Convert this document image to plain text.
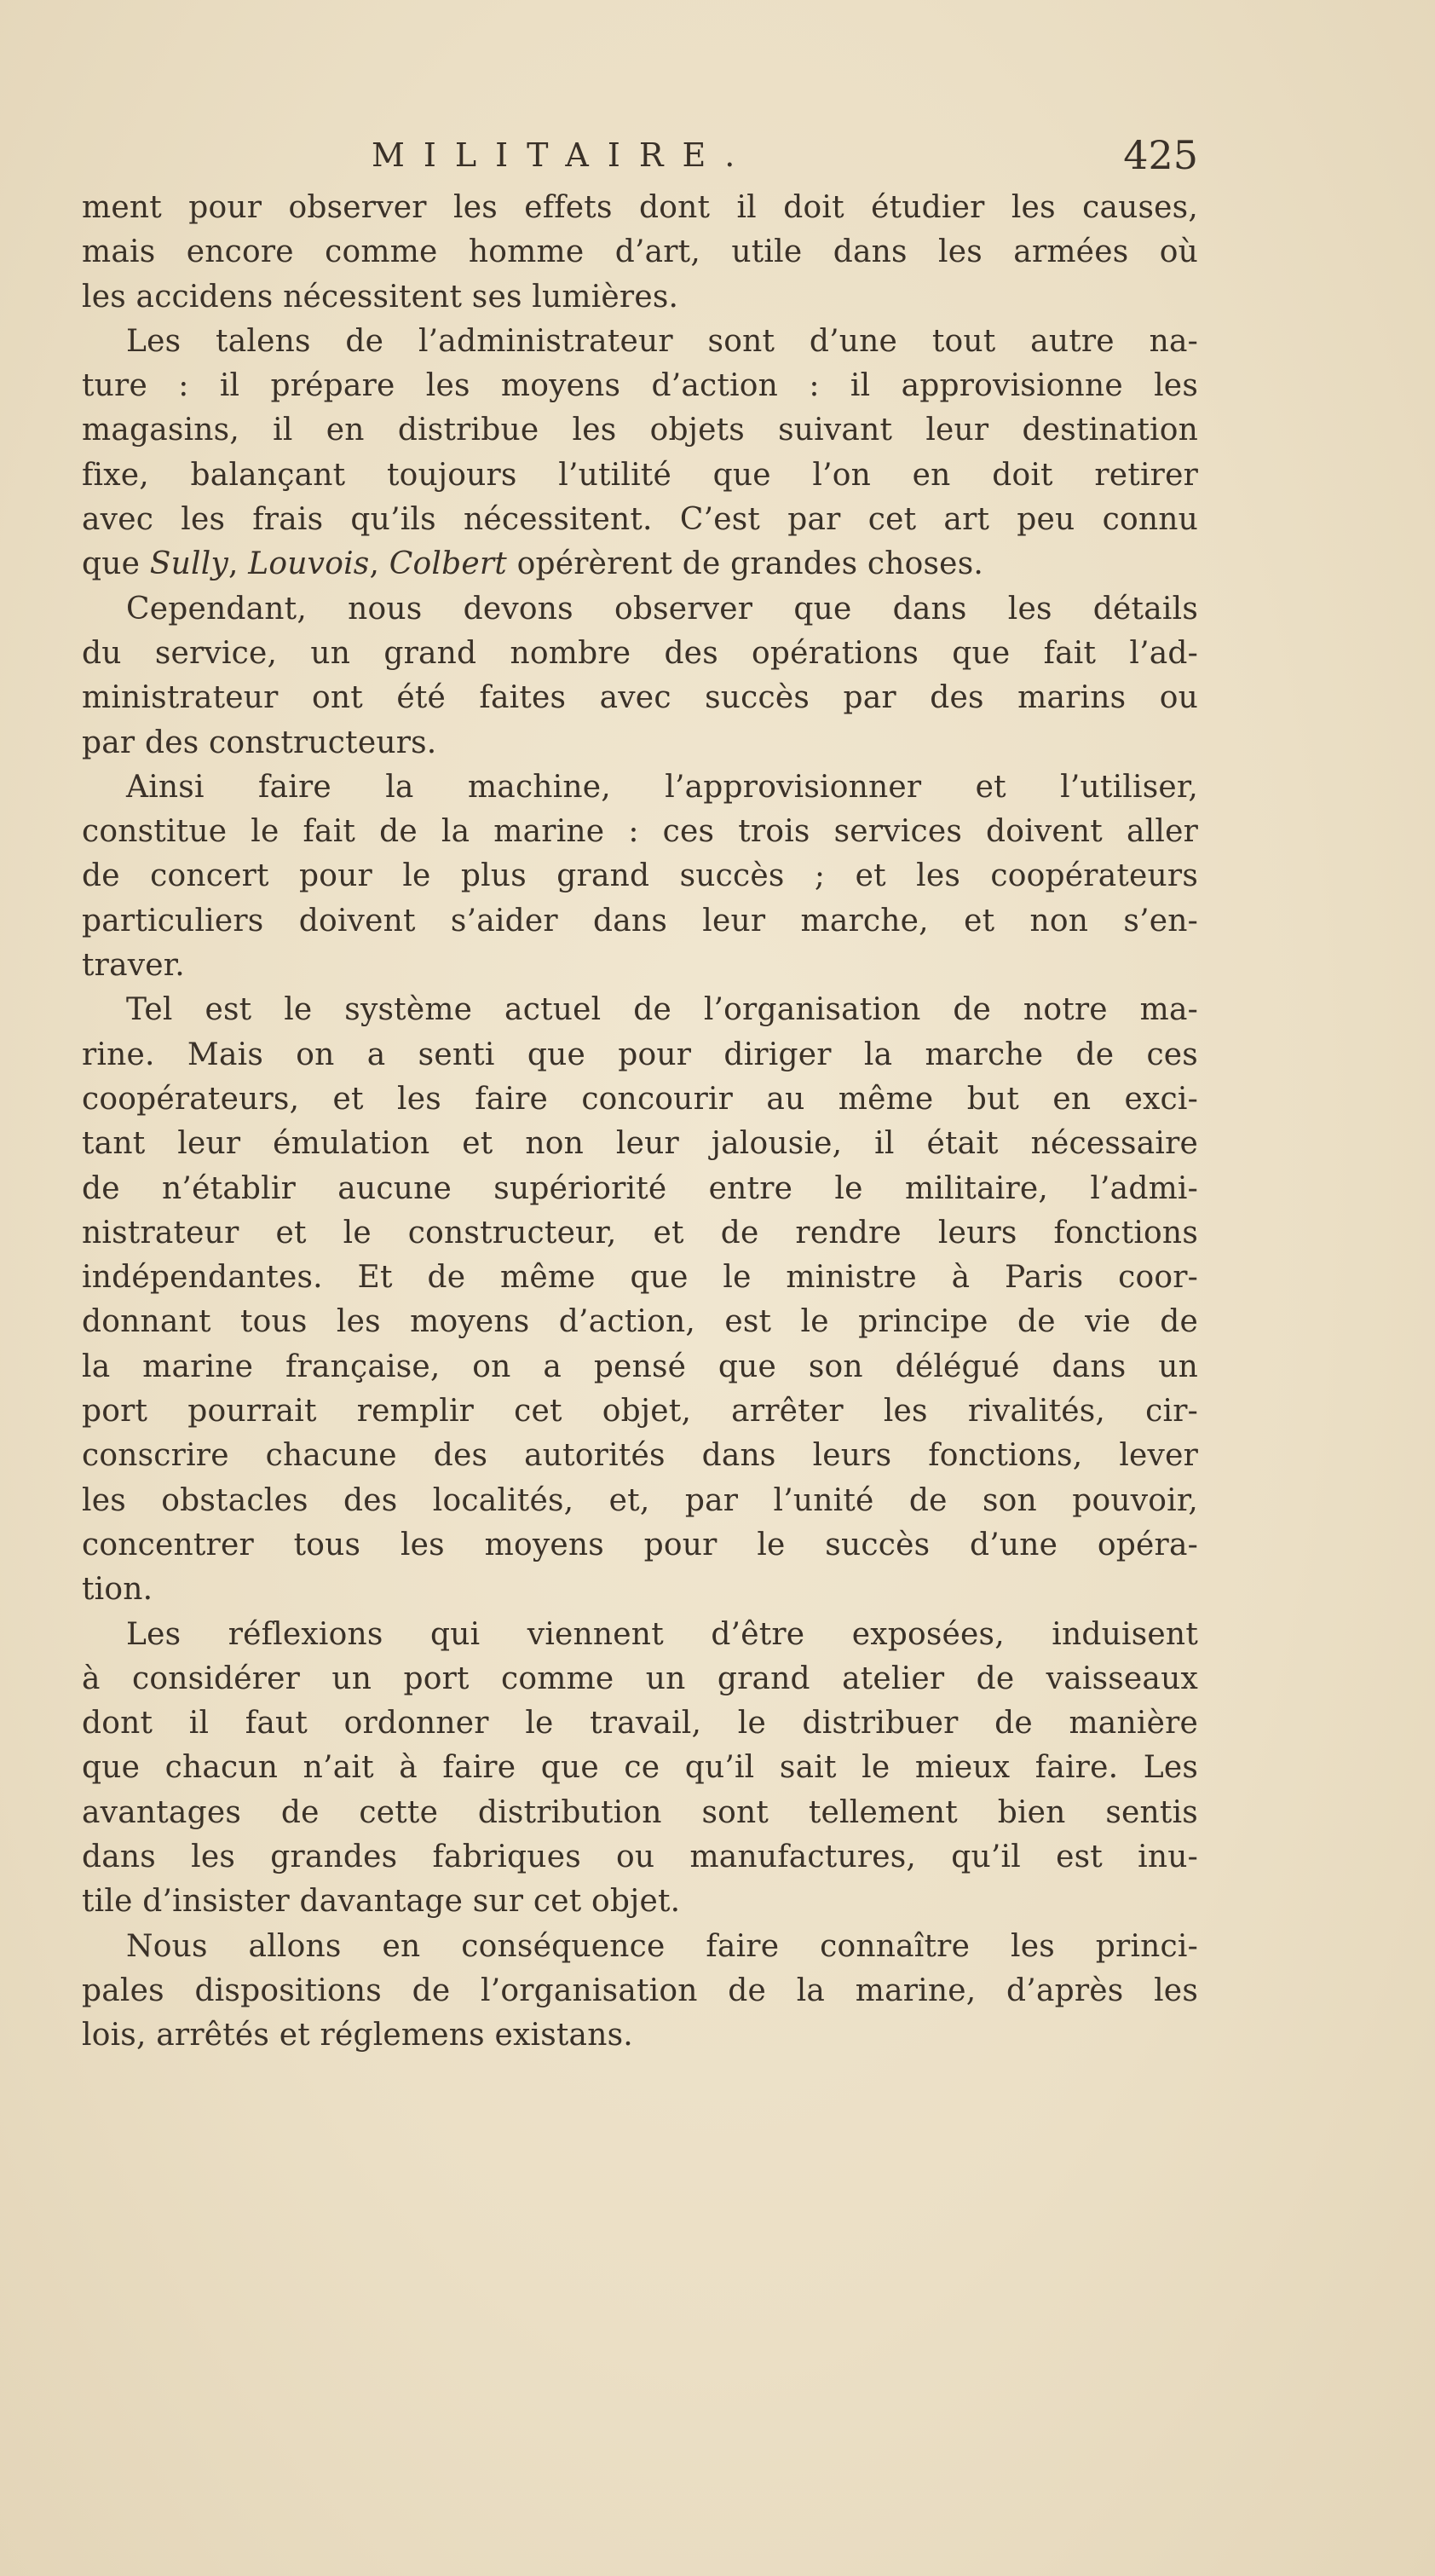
MILITAIRE.	425
ment pour observer les effets dont il doit étudier les causes,
mais encore comme homme d’art, utile dans les armées où
les accidens nécessitent ses lumières.
Les talens de l’administrateur sont d’une tout autre na-
ture : il prépare les moyens d’action : il approvisionne les
magasins, il en distribue les objets suivant leur destination
fixe, balançant toujours l’utilité que l’on en doit retirer
avec les frais qu’ils nécessitent. C’est par cet art peu connu
que Sully, Louvois, Colbert opérèrent de grandes choses.
Cependant, nous devons observer que dans les détails
du service, un grand nombre des opérations que fait l’ad-
ministrateur ont été faites avec succès par des marins ou
par des constructeurs.
Ainsi faire la machine, l’approvisionner et l’utiliser,
constitue le fait de la marine : ces trois services doivent aller
de concert pour le plus grand succès ; et les coopérateurs
particuliers doivent s’aider dans leur marche, et non s’en-
traver.
Tel est le système actuel de l’organisation de notre ma-
rine. Mais on a senti que pour diriger la marche de ces
coopérateurs, et les faire concourir au même but en exci-
tant leur émulation et non leur jalousie, il était nécessaire
de n’établir aucune supériorité entre le militaire, l’admi-
nistrateur et le constructeur, et de rendre leurs fonctions
indépendantes. Et de même que le ministre à Paris coor-
donnant tous les moyens d’action, est le principe de vie de
la marine française, on a pensé que son délégué dans un
port pourrait remplir cet objet, arrêter les rivalités, cir-
conscrire chacune des autorités dans leurs fonctions, lever
les obstacles des localités, et, par l’unité de son pouvoir,
concentrer tous les moyens pour le succès d’une opéra-
tion.
Les réflexions qui viennent d’être exposées, induisent
à considérer un port comme un grand atelier de vaisseaux
dont il faut ordonner le travail, le distribuer de manière
que chacun n’ait à faire que ce qu’il sait le mieux faire. Les
avantages de cette distribution sont tellement bien sentis
dans les grandes fabriques ou manufactures, qu’il est inu-
tile d’insister davantage sur cet objet.
Nous allons en conséquence faire connaître les princi-
pales dispositions de l’organisation de la marine, d’après les
lois, arrêtés et réglemens existans.
